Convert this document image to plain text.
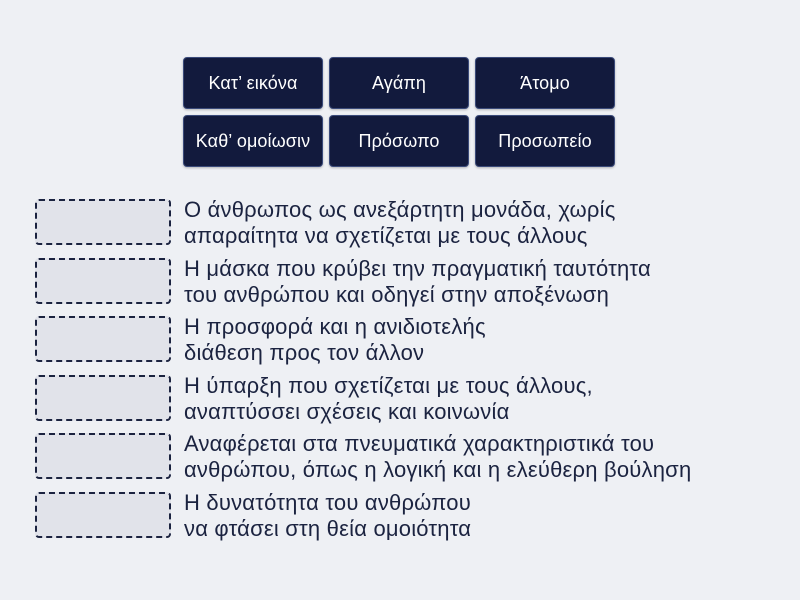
Κατ’ εικόνα	Αγάπη	Άτομο
Καθ’ ομοίωσιν	Πρόσωπο	Προσωπείο
Ο άνθρωπος ως ανεξάρτητη μονάδα, χωρίς
απαραίτητα να σχετίζεται με τους άλλους
Η μάσκα που κρύβει την πραγματική ταυτότητα
του ανθρώπου και οδηγεί στην αποξένωση
Η προσφορά και η ανιδιοτελής
διάθεση προς τον άλλον
Η ύπαρξη που σχετίζεται με τους άλλους,
αναπτύσσει σχέσεις και κοινωνία
Αναφέρεται στα πνευματικά χαρακτηριστικά του
ανθρώπου, όπως η λογική και η ελεύθερη βούληση
Η δυνατότητα του ανθρώπου
να φτάσει στη θεία ομοιότητα
